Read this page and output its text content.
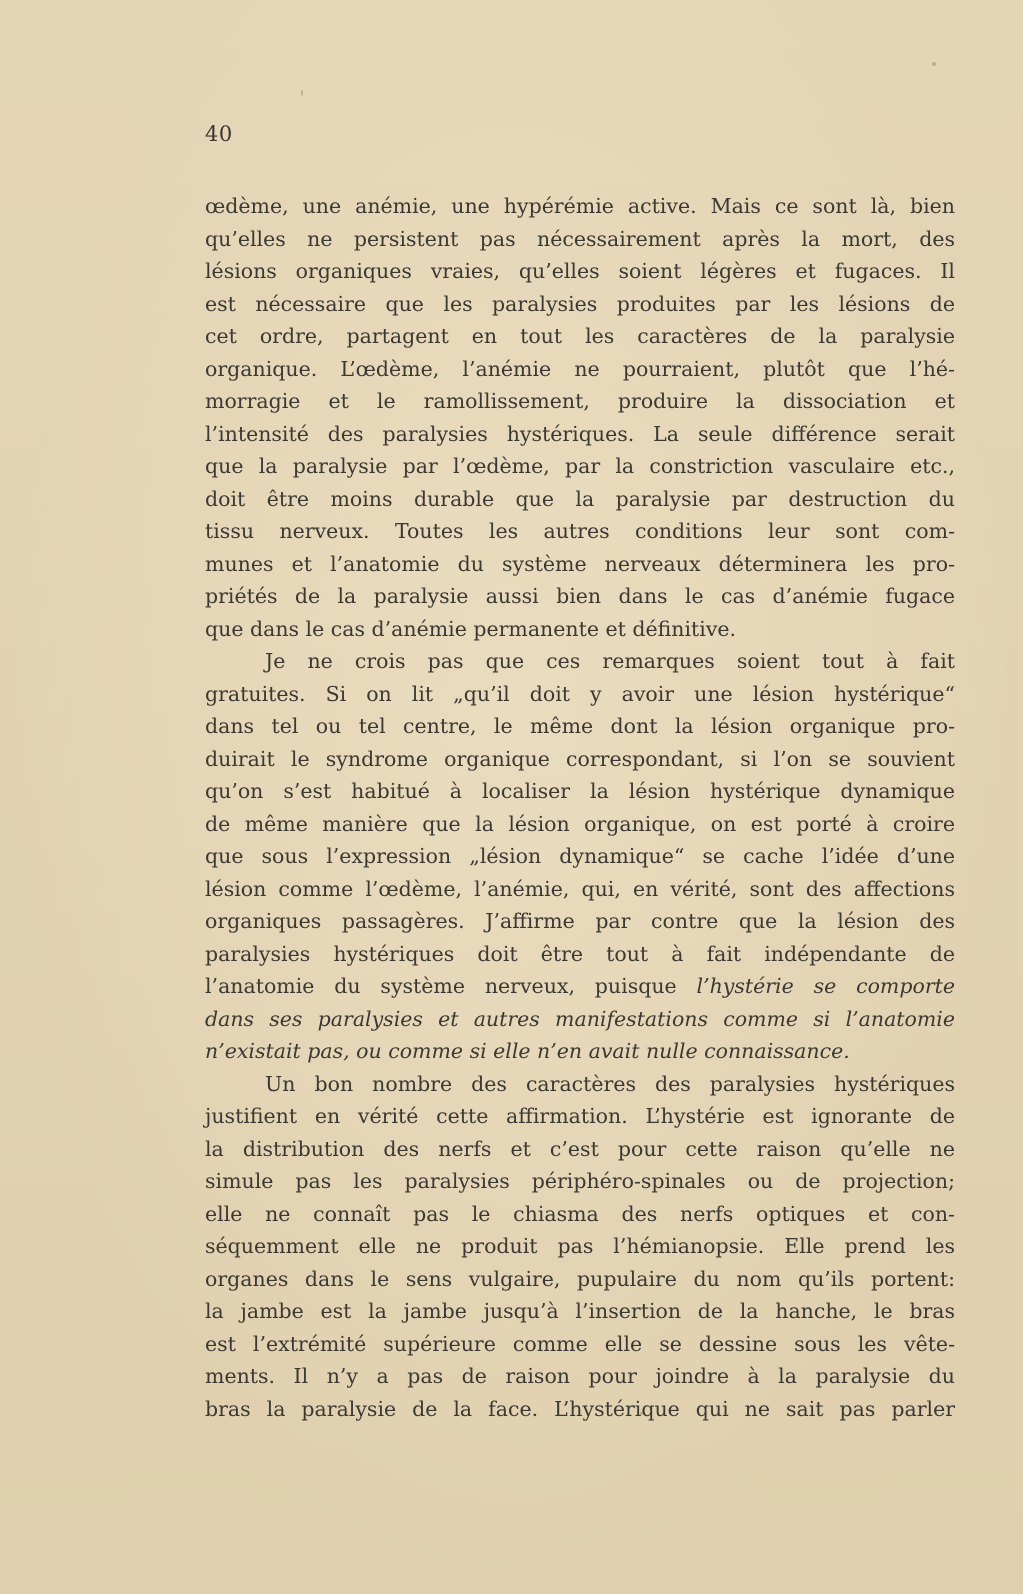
40
œdème, une anémie, une hypérémie active. Mais ce sont là, bien
qu’elles ne persistent pas nécessairement après la mort, des
lésions organiques vraies, qu’elles soient légères et fugaces. Il
est nécessaire que les paralysies produites par les lésions de
cet ordre, partagent en tout les caractères de la paralysie
organique. L’œdème, l’anémie ne pourraient, plutôt que l’hé-
morragie et le ramollissement, produire la dissociation et
l’intensité des paralysies hystériques. La seule différence serait
que la paralysie par l’œdème, par la constriction vasculaire etc.,
doit être moins durable que la paralysie par destruction du
tissu nerveux. Toutes les autres conditions leur sont com-
munes et l’anatomie du système nerveaux déterminera les pro-
priétés de la paralysie aussi bien dans le cas d’anémie fugace
que dans le cas d’anémie permanente et définitive.
Je ne crois pas que ces remarques soient tout à fait
gratuites. Si on lit „qu’il doit y avoir une lésion hystérique“
dans tel ou tel centre, le même dont la lésion organique pro-
duirait le syndrome organique correspondant, si l’on se souvient
qu’on s’est habitué à localiser la lésion hystérique dynamique
de même manière que la lésion organique, on est porté à croire
que sous l’expression „lésion dynamique“ se cache l’idée d’une
lésion comme l’œdème, l’anémie, qui, en vérité, sont des affections
organiques passagères. J’affirme par contre que la lésion des
paralysies hystériques doit être tout à fait indépendante de
l’anatomie du système nerveux, puisque l’hystérie se comporte
dans ses paralysies et autres manifestations comme si l’anatomie
n’existait pas, ou comme si elle n’en avait nulle connaissance.
Un bon nombre des caractères des paralysies hystériques
justifient en vérité cette affirmation. L’hystérie est ignorante de
la distribution des nerfs et c’est pour cette raison qu’elle ne
simule pas les paralysies périphéro-spinales ou de projection;
elle ne connaît pas le chiasma des nerfs optiques et con-
séquemment elle ne produit pas l’hémianopsie. Elle prend les
organes dans le sens vulgaire, pupulaire du nom qu’ils portent:
la jambe est la jambe jusqu’à l’insertion de la hanche, le bras
est l’extrémité supérieure comme elle se dessine sous les vête-
ments. Il n’y a pas de raison pour joindre à la paralysie du
bras la paralysie de la face. L’hystérique qui ne sait pas parler
